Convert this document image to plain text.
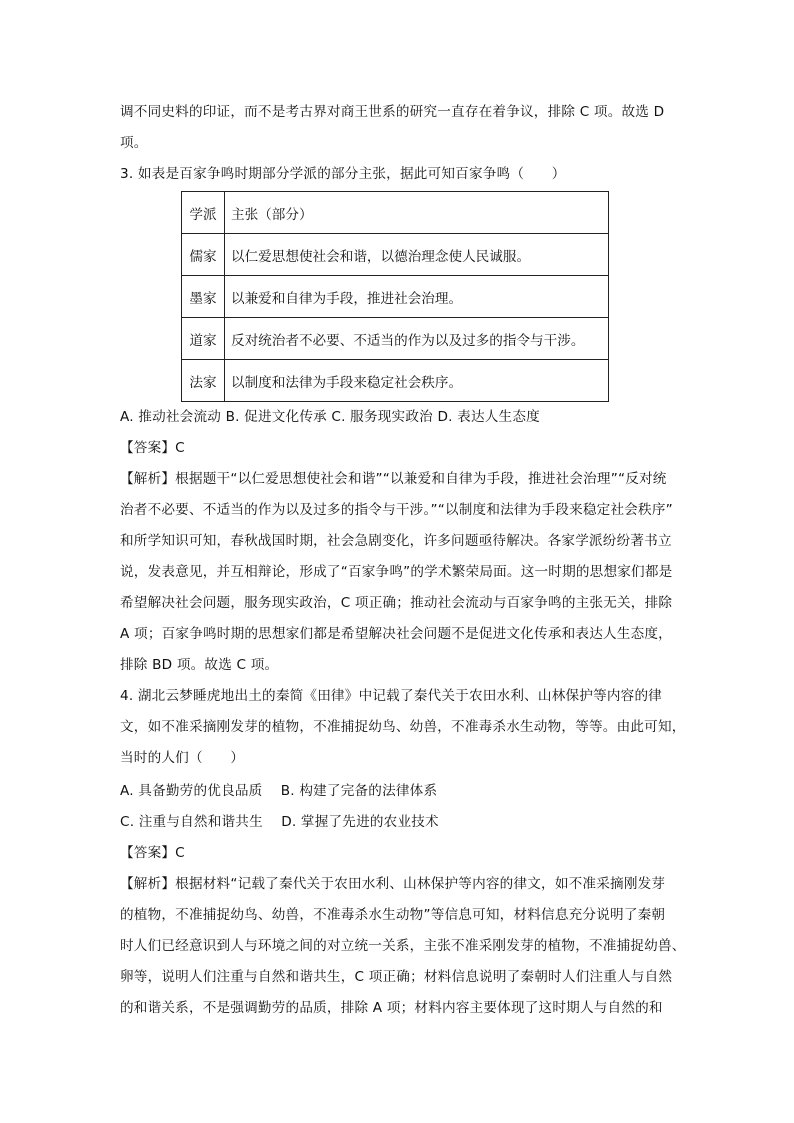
调不同史料的印证，而不是考古界对商王世系的研究一直存在着争议，排除 C 项。故选 D
项。
3. 如表是百家争鸣时期部分学派的部分主张，据此可知百家争鸣（　　）
学派	主张（部分）
儒家	以仁爱思想使社会和谐，以德治理念使人民诚服。
墨家	以兼爱和自律为手段，推进社会治理。
道家	反对统治者不必要、不适当的作为以及过多的指令与干涉。
法家	以制度和法律为手段来稳定社会秩序。
A. 推动社会流动 B. 促进文化传承 C. 服务现实政治 D. 表达人生态度
【答案】C
【解析】根据题干“以仁爱思想使社会和谐”“以兼爱和自律为手段，推进社会治理”“反对统
治者不必要、不适当的作为以及过多的指令与干涉。”“以制度和法律为手段来稳定社会秩序”
和所学知识可知，春秋战国时期，社会急剧变化，许多问题亟待解决。各家学派纷纷著书立
说，发表意见，并互相辩论，形成了“百家争鸣”的学术繁荣局面。这一时期的思想家们都是
希望解决社会问题，服务现实政治，C 项正确；推动社会流动与百家争鸣的主张无关，排除
A 项；百家争鸣时期的思想家们都是希望解决社会问题不是促进文化传承和表达人生态度，
排除 BD 项。故选 C 项。
4. 湖北云梦睡虎地出土的秦简《田律》中记载了秦代关于农田水利、山林保护等内容的律
文，如不准采摘刚发芽的植物，不准捕捉幼鸟、幼兽，不准毒杀水生动物，等等。由此可知，
当时的人们（　　）
A. 具备勤劳的优良品质　 B. 构建了完备的法律体系
C. 注重与自然和谐共生　 D. 掌握了先进的农业技术
【答案】C
【解析】根据材料“记载了秦代关于农田水利、山林保护等内容的律文，如不准采摘刚发芽
的植物，不准捕捉幼鸟、幼兽，不准毒杀水生动物”等信息可知，材料信息充分说明了秦朝
时人们已经意识到人与环境之间的对立统一关系，主张不准采刚发芽的植物，不准捕捉幼兽、
卵等，说明人们注重与自然和谐共生，C 项正确；材料信息说明了秦朝时人们注重人与自然
的和谐关系，不是强调勤劳的品质，排除 A 项；材料内容主要体现了这时期人与自然的和
